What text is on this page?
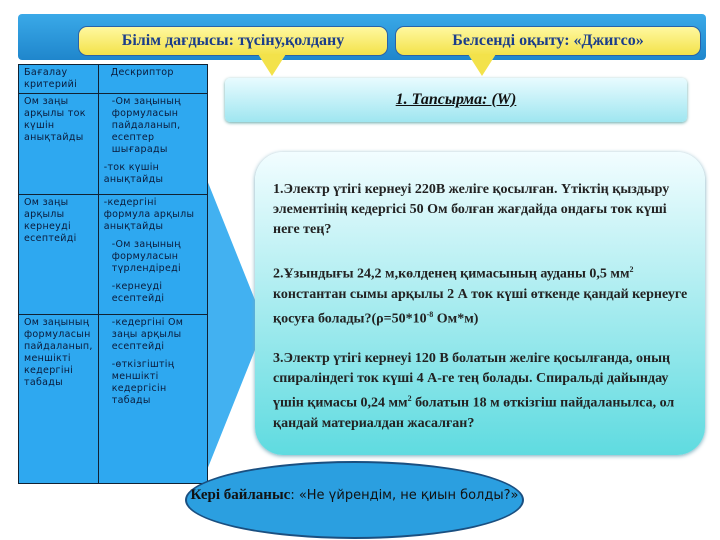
Білім дағдысы: түсіну,қолдану	Белсенді оқыту: «Джигсо»
Бағалау критерийі	Дескриптор
Ом заңы арқылы ток күшін анықтайды	-Ом заңының формуласын пайдаланып, есептер шығарады

-ток күшін анықтайды

Ом заңы арқылы кернеуді есептейді	-кедергіні формула арқылы анықтайды

-Ом заңының формуласын түрлендіреді

-кернеуді есептейді

Ом заңының формуласын пайдаланып, меншікті кедергіні табады	-кедергіні Ом заңы арқылы есептейді

-өткізгіштің меншікті кедергісін табады

1. Тапсырма: (W)

1.Электр үтігі кернеуі 220В желіге қосылған. Үтіктің қыздыру элементінің кедергісі 50 Ом болған жағдайда ондағы ток күші неге тең?

2.Ұзындығы 24,2 м,көлденең қимасының ауданы 0,5 $мм^2$ константан сымы арқылы 2 А ток күші өткенде қандай кернеуге қосуға $болады?(\rho=50*10^{-8}$ Ом*м)

3.Электр үтігі кернеуі 120 В болатын желіге қосылғанда, оның спиралiндегі ток күші 4 А-ге тең болады. Спиральді дайындау үшін қимасы 0,24 $мм^2$ болатын 18 м өткізгіш пайдаланылса, ол қандай материалдан жасалған?

Кері байланыс: «Не үйрендім, не қиын болды?»
